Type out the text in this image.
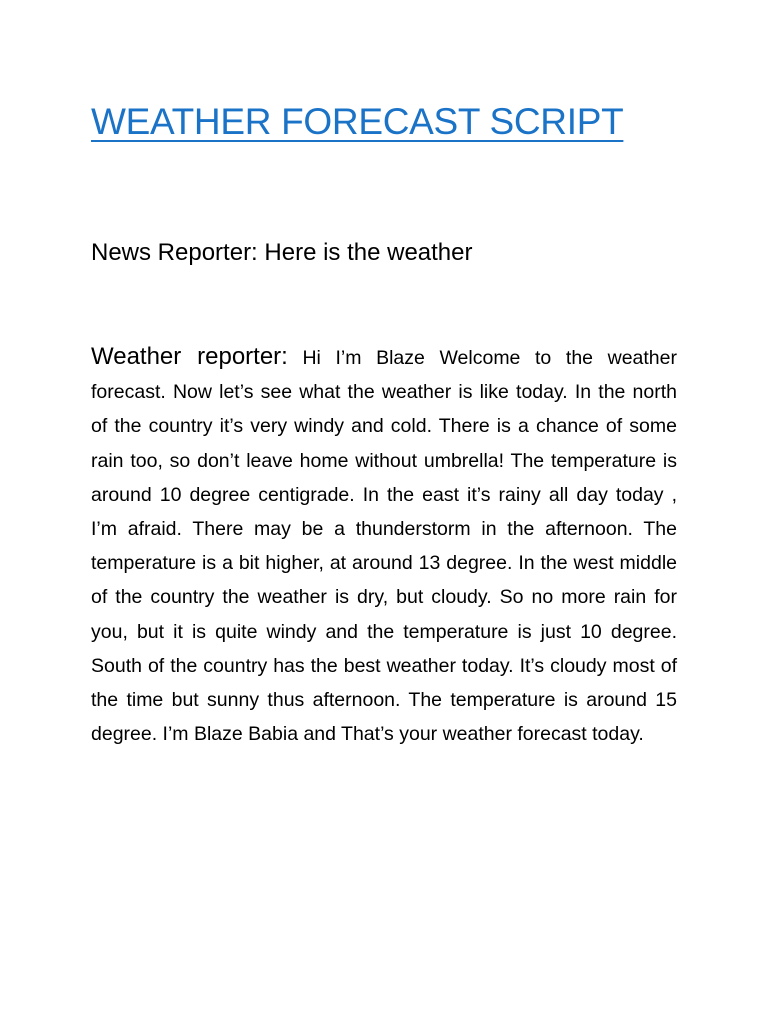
WEATHER FORECAST SCRIPT

News Reporter: Here is the weather

Weather reporter: Hi I’m Blaze Welcome to the weather forecast. Now let’s see what the weather is like today. In the north of the country it’s very windy and cold. There is a chance of some rain too, so don’t leave home without umbrella! The temperature is around 10 degree centigrade. In the east it’s rainy all day today , I’m afraid. There may be a thunderstorm in the afternoon. The temperature is a bit higher, at around 13 degree. In the west middle of the country the weather is dry, but cloudy. So no more rain for you, but it is quite windy and the temperature is just 10 degree. South of the country has the best weather today. It’s cloudy most of the time but sunny thus afternoon. The temperature is around 15 degree. I’m Blaze Babia and That’s your weather forecast today.
